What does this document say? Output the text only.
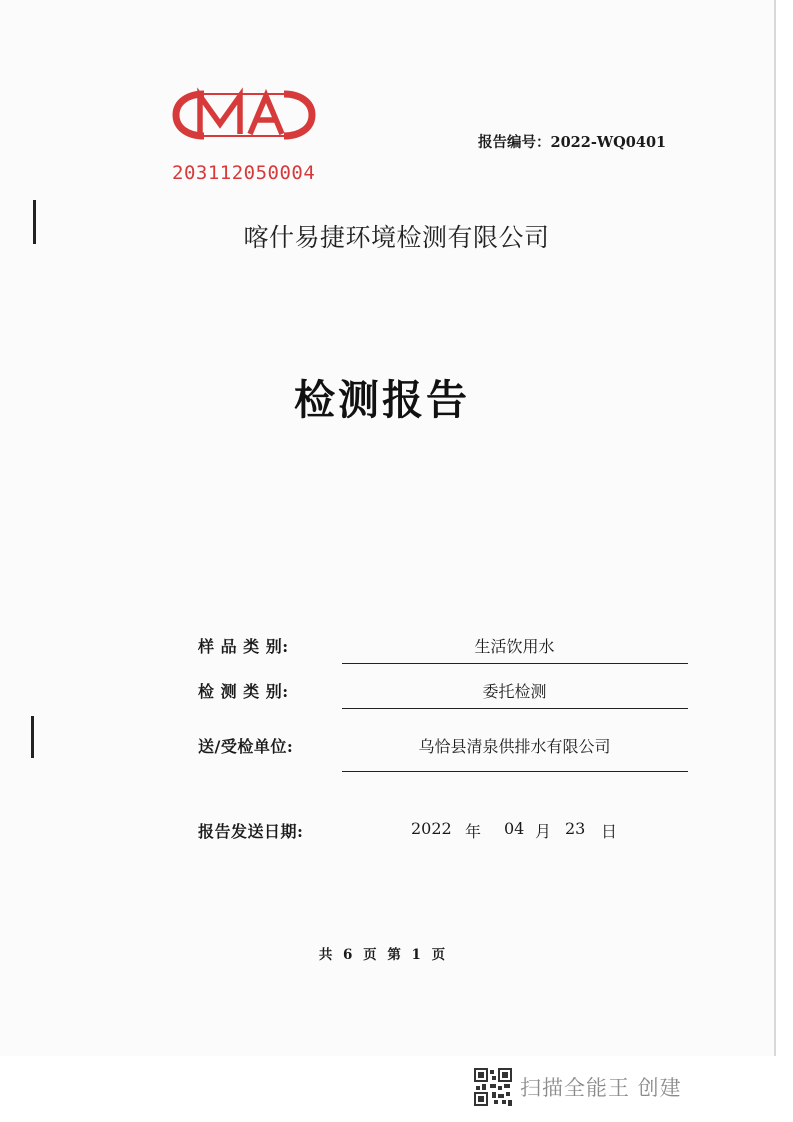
203112050004
报告编号：2022-WQ0401
喀什易捷环境检测有限公司
检测报告
样 品 类 别:	生活饮用水
检 测 类 别:	委托检测
送/受检单位:	乌恰县清泉供排水有限公司
报告发送日期:	2022 年 04 月 23 日
共 6 页 第 1 页
扫描全能王 创建
